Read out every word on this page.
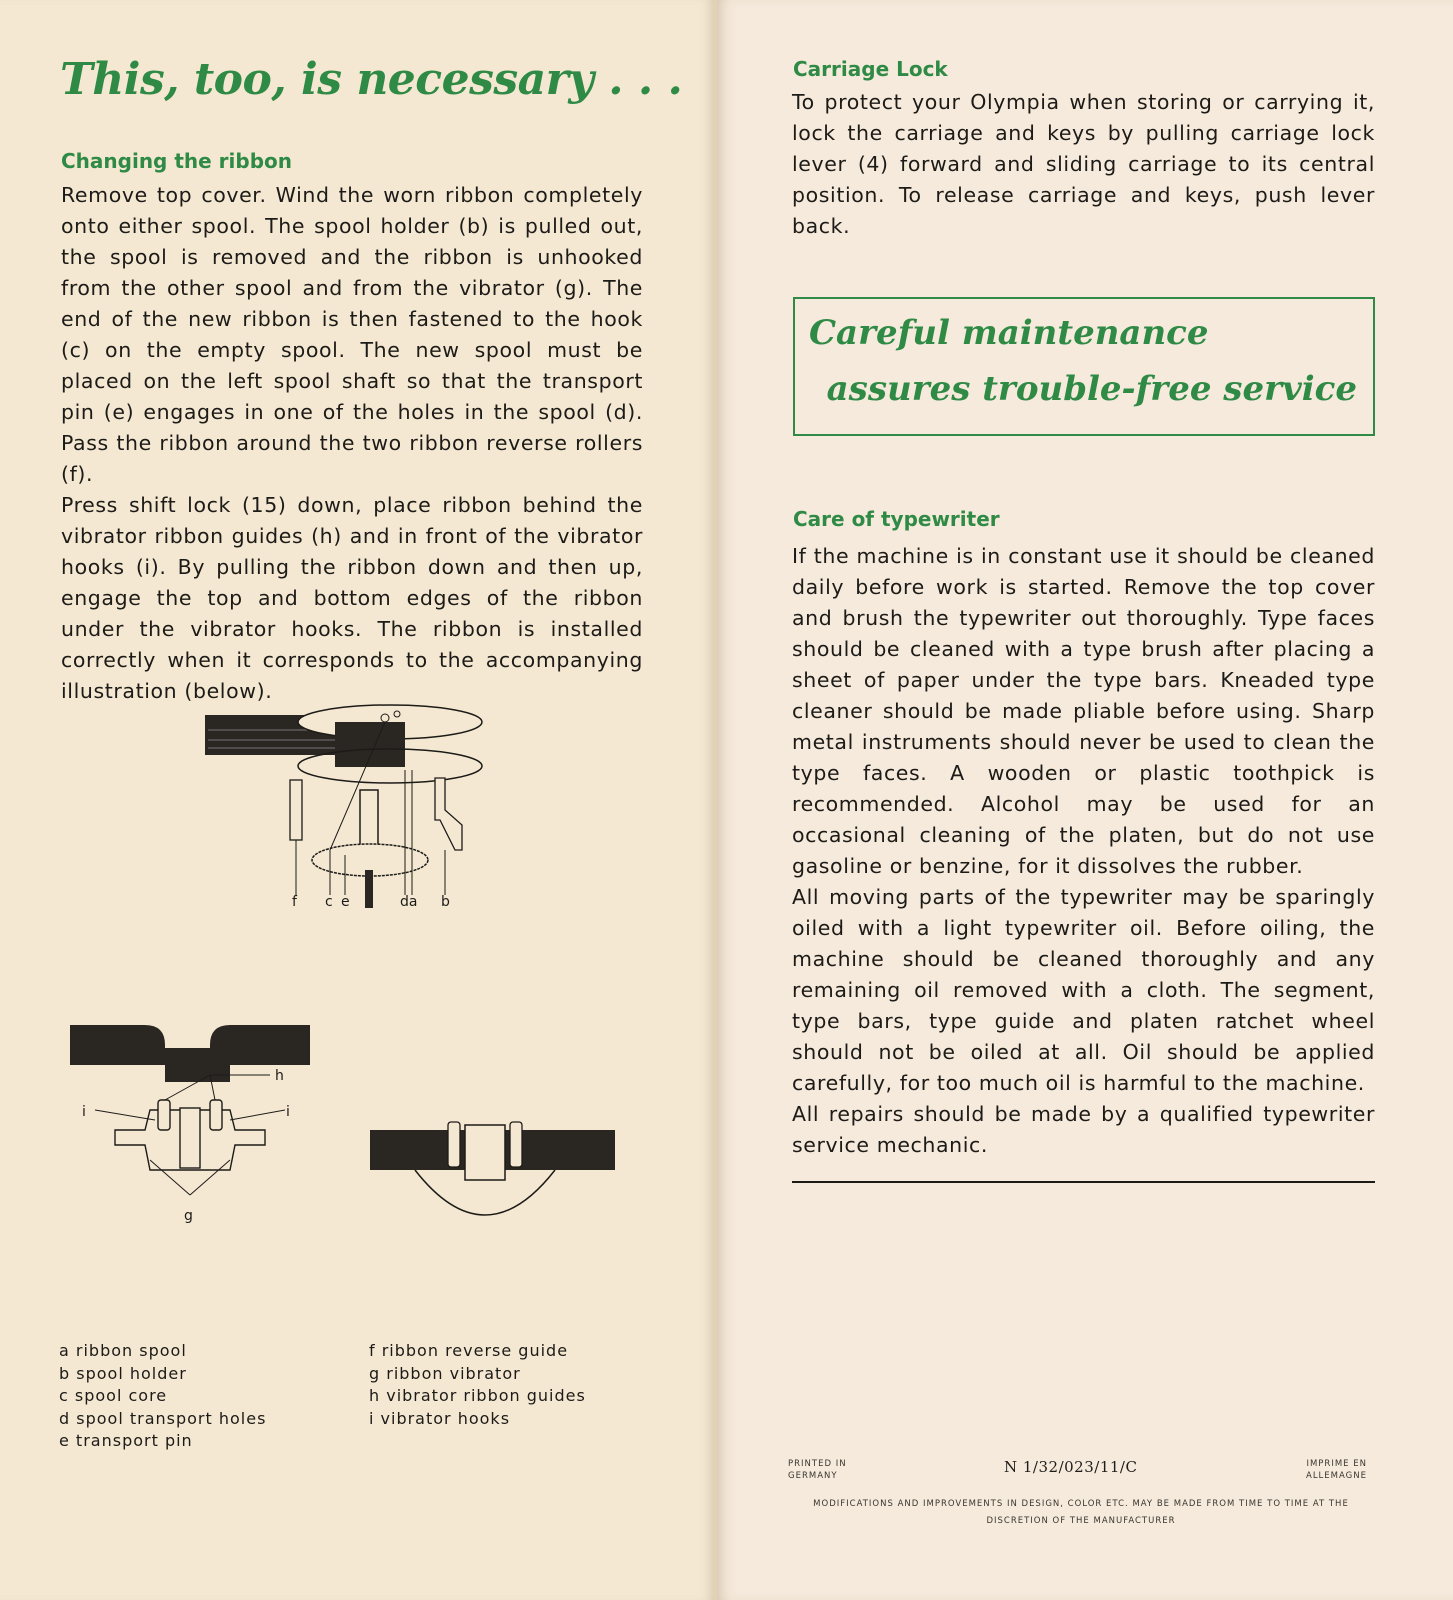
This, too, is necessary . . .
Changing the ribbon

Remove top cover. Wind the worn ribbon completely onto either spool. The spool holder (b) is pulled out, the spool is removed and the ribbon is unhooked from the other spool and from the vibrator (g). The end of the new ribbon is then fastened to the hook (c) on the empty spool. The new spool must be placed on the left spool shaft so that the transport pin (e) engages in one of the holes in the spool (d). Pass the ribbon around the two ribbon reverse rollers (f).

Press shift lock (15) down, place ribbon behind the vibrator ribbon guides (h) and in front of the vibrator hooks (i). By pulling the ribbon down and then up, engage the top and bottom edges of the ribbon under the vibrator hooks. The ribbon is installed correctly when it corresponds to the accompanying illustration (below).

f c e	da b
h
i	i
g
a ribbon spool
b spool holder
c spool core
d spool transport holes
e transport pin
f ribbon reverse guide
g ribbon vibrator
h vibrator ribbon guides
i vibrator hooks
Carriage Lock

To protect your Olympia when storing or carrying it, lock the carriage and keys by pulling carriage lock lever (4) forward and sliding carriage to its central position. To release carriage and keys, push lever back.

Careful maintenance
assures trouble-free service
Care of typewriter

If the machine is in constant use it should be cleaned daily before work is started. Remove the top cover and brush the typewriter out thoroughly. Type faces should be cleaned with a type brush after placing a sheet of paper under the type bars. Kneaded type cleaner should be made pliable before using. Sharp metal instruments should never be used to clean the type faces. A wooden or plastic toothpick is recommended. Alcohol may be used for an occasional cleaning of the platen, but do not use gasoline or benzine, for it dissolves the rubber.

All moving parts of the typewriter may be sparingly oiled with a light typewriter oil. Before oiling, the machine should be cleaned thoroughly and any remaining oil removed with a cloth. The segment, type bars, type guide and platen ratchet wheel should not be oiled at all. Oil should be applied carefully, for too much oil is harmful to the machine.

All repairs should be made by a qualified typewriter service mechanic.

PRINTED IN
GERMANY	N 1/32/023/11/C	IMPRIME EN
ALLEMAGNE
MODIFICATIONS AND IMPROVEMENTS IN DESIGN, COLOR ETC. MAY BE MADE FROM TIME TO TIME AT THE DISCRETION OF THE MANUFACTURER
